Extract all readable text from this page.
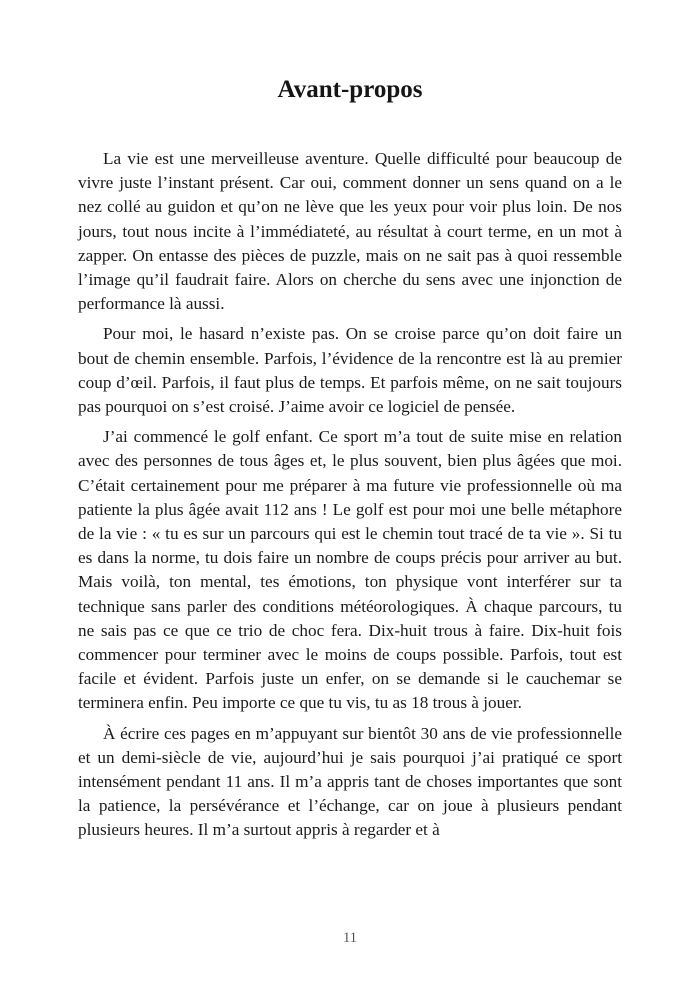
Avant-propos

La vie est une merveilleuse aventure. Quelle difficulté pour beaucoup de vivre juste l’instant présent. Car oui, comment donner un sens quand on a le nez collé au guidon et qu’on ne lève que les yeux pour voir plus loin. De nos jours, tout nous incite à l’immédiateté, au résultat à court terme, en un mot à zapper. On entasse des pièces de puzzle, mais on ne sait pas à quoi ressemble l’image qu’il faudrait faire. Alors on cherche du sens avec une injonction de performance là aussi.

Pour moi, le hasard n’existe pas. On se croise parce qu’on doit faire un bout de chemin ensemble. Parfois, l’évidence de la rencontre est là au premier coup d’œil. Parfois, il faut plus de temps. Et parfois même, on ne sait toujours pas pourquoi on s’est croisé. J’aime avoir ce logiciel de pensée.

J’ai commencé le golf enfant. Ce sport m’a tout de suite mise en relation avec des personnes de tous âges et, le plus souvent, bien plus âgées que moi. C’était certainement pour me préparer à ma future vie professionnelle où ma patiente la plus âgée avait 112 ans ! Le golf est pour moi une belle métaphore de la vie : « tu es sur un parcours qui est le chemin tout tracé de ta vie ». Si tu es dans la norme, tu dois faire un nombre de coups précis pour arriver au but. Mais voilà, ton mental, tes émotions, ton physique vont interférer sur ta technique sans parler des conditions météorologiques. À chaque parcours, tu ne sais pas ce que ce trio de choc fera. Dix-huit trous à faire. Dix-huit fois commencer pour terminer avec le moins de coups possible. Parfois, tout est facile et évident. Parfois juste un enfer, on se demande si le cauchemar se terminera enfin. Peu importe ce que tu vis, tu as 18 trous à jouer.

À écrire ces pages en m’appuyant sur bientôt 30 ans de vie professionnelle et un demi-siècle de vie, aujourd’hui je sais pourquoi j’ai pratiqué ce sport intensément pendant 11 ans. Il m’a appris tant de choses importantes que sont la patience, la persévérance et l’échange, car on joue à plusieurs pendant plusieurs heures. Il m’a surtout appris à regarder et à

11
